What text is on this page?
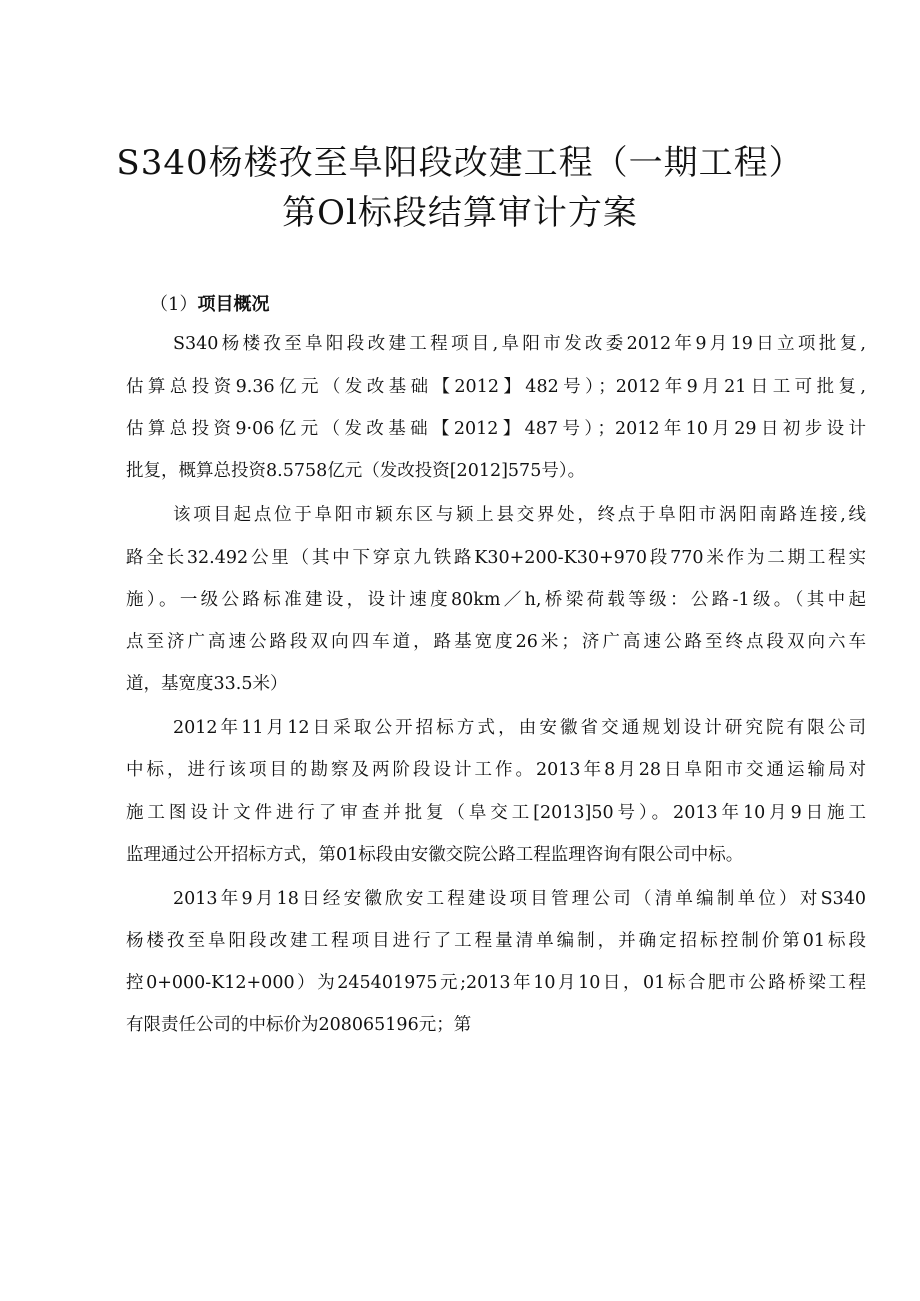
S340杨楼孜至阜阳段改建工程（一期工程）
第Ol标段结算审计方案
（1）项目概况
S340杨楼孜至阜阳段改建工程项目,阜阳市发改委2012年9月19日立项批复,
估算总投资9.36亿元（发改基础【2012】482号）；2012年9月21日工可批复,
估算总投资9·06亿元（发改基础【2012】487号）；2012年10月29日初步设计
批复，概算总投资8.5758亿元（发改投资[2012]575号）。
该项目起点位于阜阳市颖东区与颍上县交界处，终点于阜阳市涡阳南路连接,线
路全长32.492公里（其中下穿京九铁路K30+200-K30+970段770米作为二期工程实
施）。一级公路标准建设，设计速度80km／h,桥梁荷载等级：公路-1级。（其中起
点至济广高速公路段双向四车道，路基宽度26米；济广高速公路至终点段双向六车
道，基宽度33.5米）
2012年11月12日采取公开招标方式，由安徽省交通规划设计研究院有限公司
中标，进行该项目的勘察及两阶段设计工作。2013年8月28日阜阳市交通运输局对
施工图设计文件进行了审查并批复（阜交工[2013]50号）。2013年10月9日施工
监理通过公开招标方式，第01标段由安徽交院公路工程监理咨询有限公司中标。
2013年9月18日经安徽欣安工程建设项目管理公司（清单编制单位）对S340
杨楼孜至阜阳段改建工程项目进行了工程量清单编制，并确定招标控制价第01标段
控0+000-K12+000）为245401975元;2013年10月10日，01标合肥市公路桥梁工程
有限责任公司的中标价为208065196元；第
